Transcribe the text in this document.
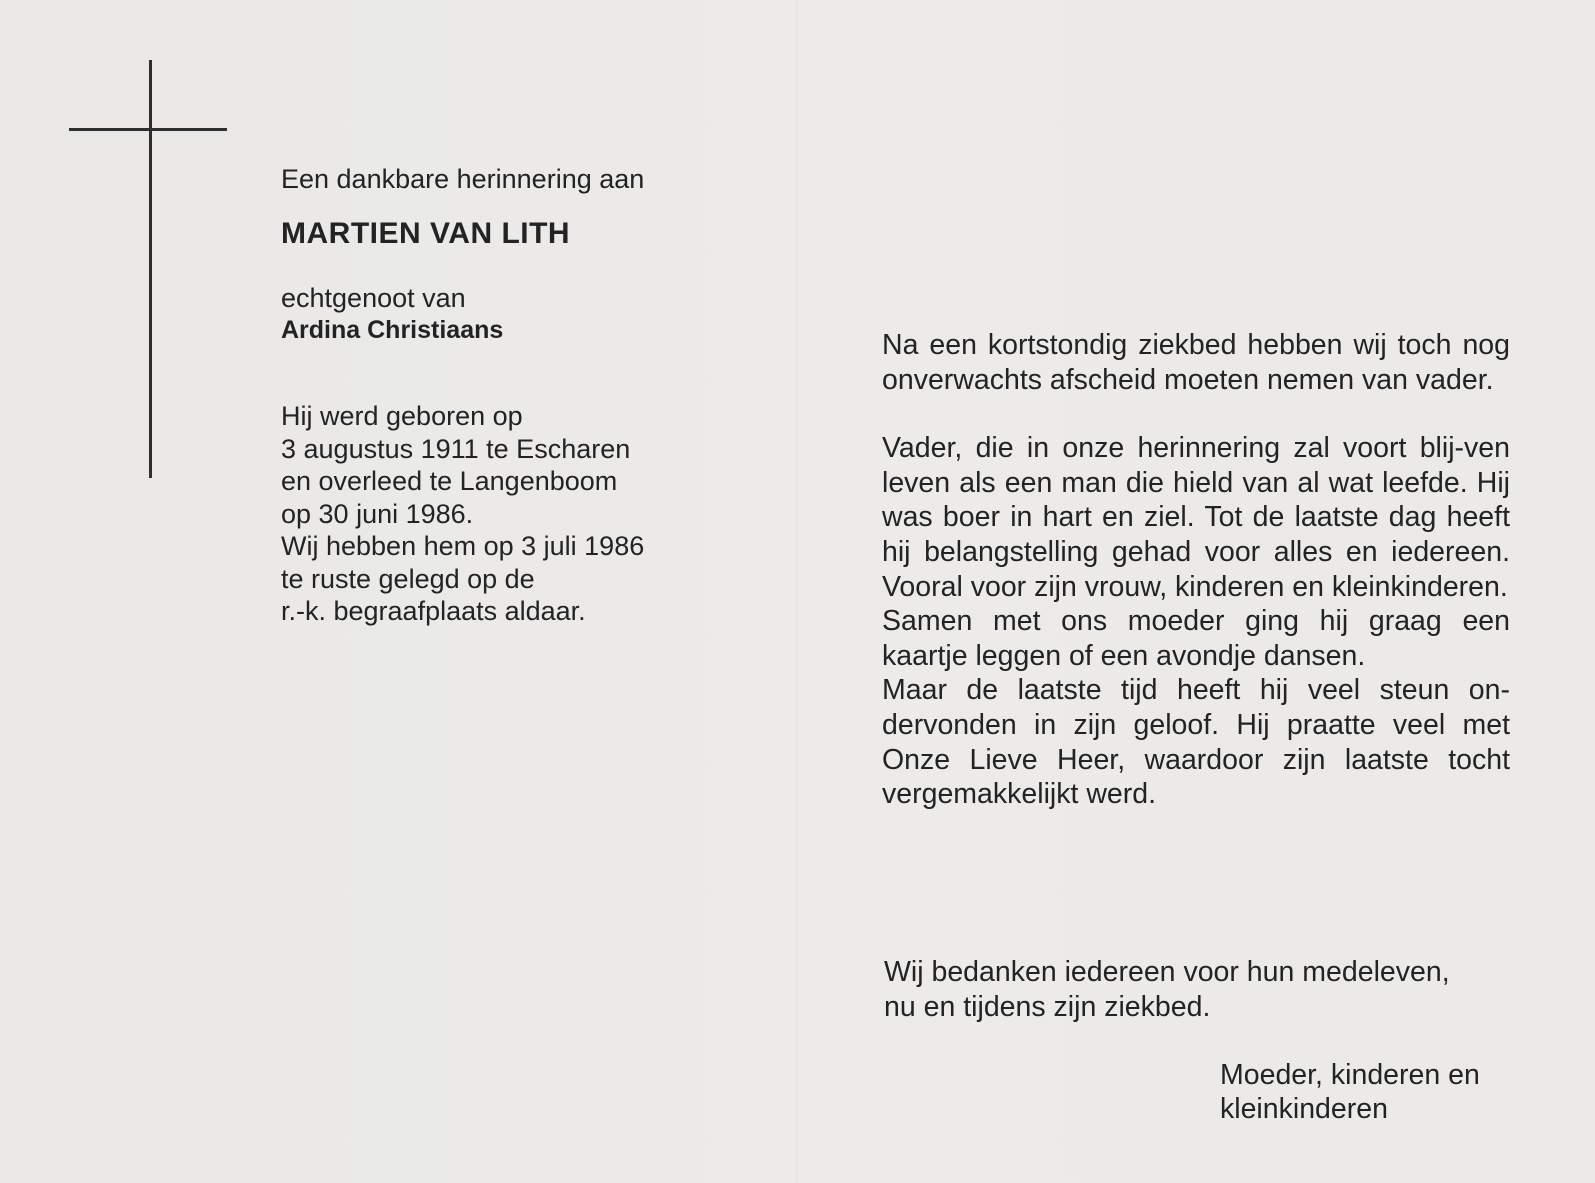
Een dankbare herinnering aan

MARTIEN VAN LITH

echtgenoot van

Ardina Christiaans

Hij werd geboren op
3 augustus 1911 te Escharen
en overleed te Langenboom
op 30 juni 1986.
Wij hebben hem op 3 juli 1986
te ruste gelegd op de
r.-k. begraafplaats aldaar.

Na een kortstondig ziekbed hebben wij toch nog onverwachts afscheid moeten nemen van vader.

Vader, die in onze herinnering zal voort blij-ven leven als een man die hield van al wat leefde. Hij was boer in hart en ziel. Tot de laatste dag heeft hij belangstelling gehad voor alles en iedereen. Vooral voor zijn vrouw, kinderen en kleinkinderen.

Samen met ons moeder ging hij graag een kaartje leggen of een avondje dansen.

Maar de laatste tijd heeft hij veel steun on-dervonden in zijn geloof. Hij praatte veel met Onze Lieve Heer, waardoor zijn laatste tocht vergemakkelijkt werd.

Wij bedanken iedereen voor hun medeleven,
nu en tijdens zijn ziekbed.
Moeder, kinderen en
kleinkinderen
